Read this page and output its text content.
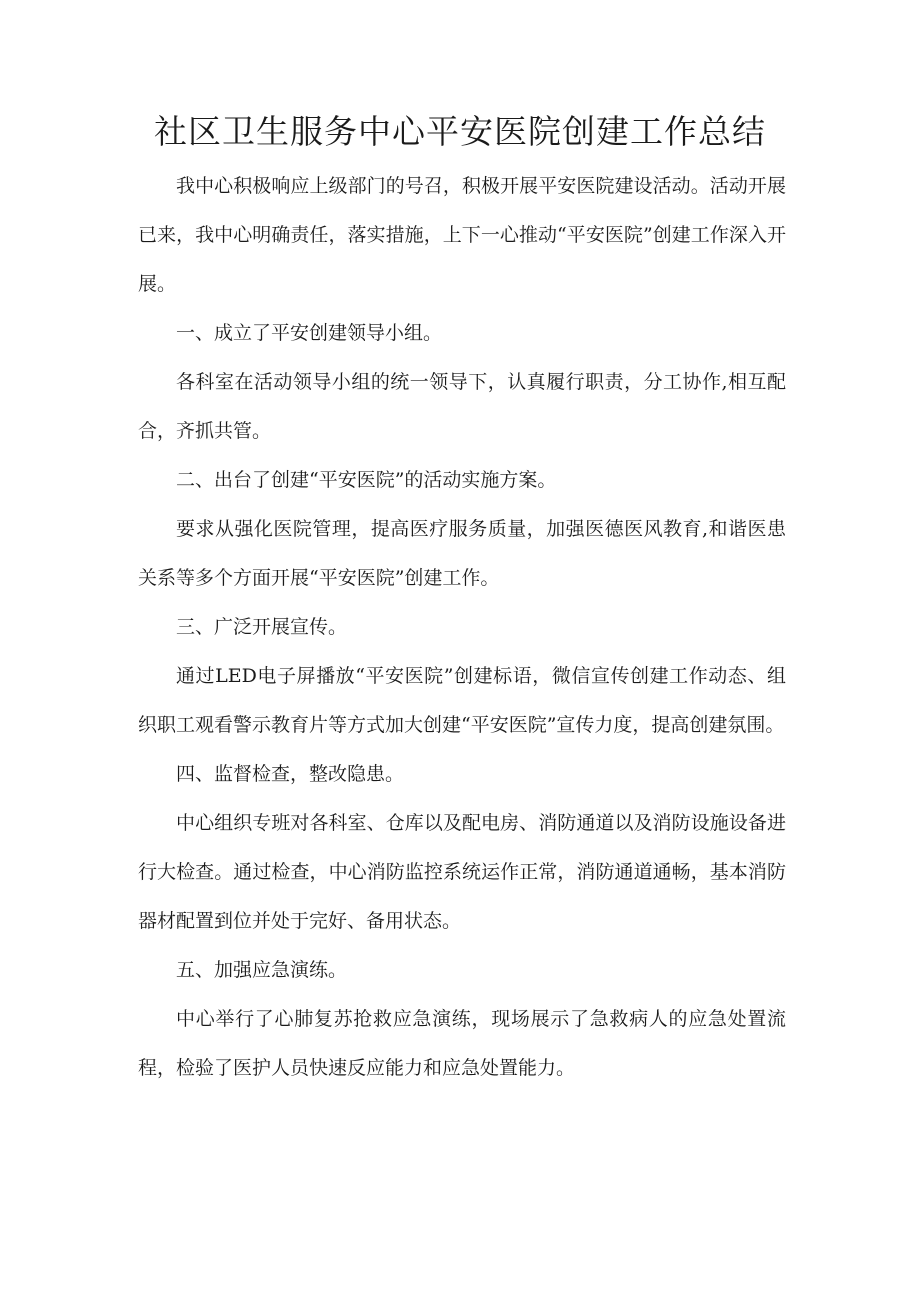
社区卫生服务中心平安医院创建工作总结

我中心积极响应上级部门的号召，积极开展平安医院建设活动。活动开展已来，我中心明确责任，落实措施，上下一心推动“平安医院”创建工作深入开展。

一、成立了平安创建领导小组。

各科室在活动领导小组的统一领导下，认真履行职责，分工协作,相互配合，齐抓共管。

二、出台了创建“平安医院”的活动实施方案。

要求从强化医院管理，提高医疗服务质量，加强医德医风教育,和谐医患关系等多个方面开展“平安医院”创建工作。

三、广泛开展宣传。

通过LED电子屏播放“平安医院”创建标语，微信宣传创建工作动态、组织职工观看警示教育片等方式加大创建“平安医院”宣传力度，提高创建氛围。

四、监督检查，整改隐患。

中心组织专班对各科室、仓库以及配电房、消防通道以及消防设施设备进行大检查。通过检查，中心消防监控系统运作正常，消防通道通畅，基本消防器材配置到位并处于完好、备用状态。

五、加强应急演练。

中心举行了心肺复苏抢救应急演练，现场展示了急救病人的应急处置流程，检验了医护人员快速反应能力和应急处置能力。
